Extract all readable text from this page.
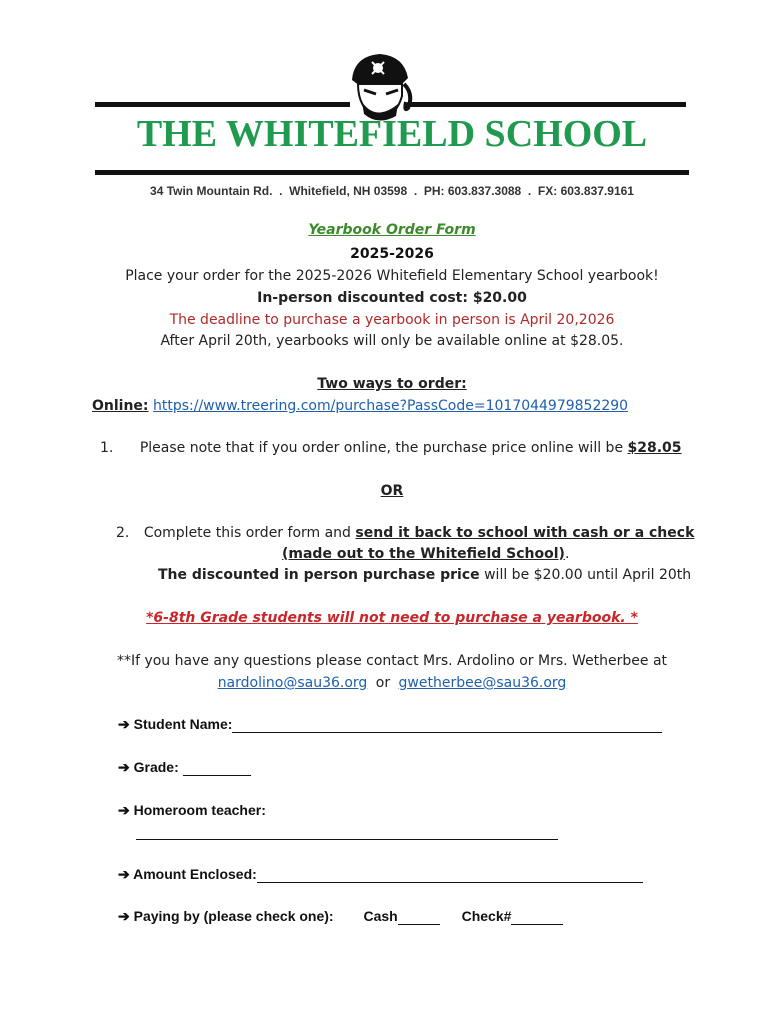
THE WHITEFIELD SCHOOL
34 Twin Mountain Rd.  .  Whitefield, NH 03598  .  PH: 603.837.3088  .  FX: 603.837.9161
Yearbook Order Form
2025-2026
Place your order for the 2025-2026 Whitefield Elementary School yearbook!
In-person discounted cost: $20.00
The deadline to purchase a yearbook in person is April 20,2026
After April 20th, yearbooks will only be available online at $28.05.
Two ways to order:
Online: https://www.treering.com/purchase?PassCode=1017044979852290
1. Please note that if you order online, the purchase price online will be $28.05
OR
2. Complete this order form and send it back to school with cash or a check
(made out to the Whitefield School).
The discounted in person purchase price will be $20.00 until April 20th
*6-8th Grade students will not need to purchase a yearbook. *
**If you have any questions please contact Mrs. Ardolino or Mrs. Wetherbee at
nardolino@sau36.org or gwetherbee@sau36.org
➔ Student Name:
➔ Grade:
➔ Homeroom teacher:
➔ Amount Enclosed:
➔ Paying by (please check one): Cash	Check#
